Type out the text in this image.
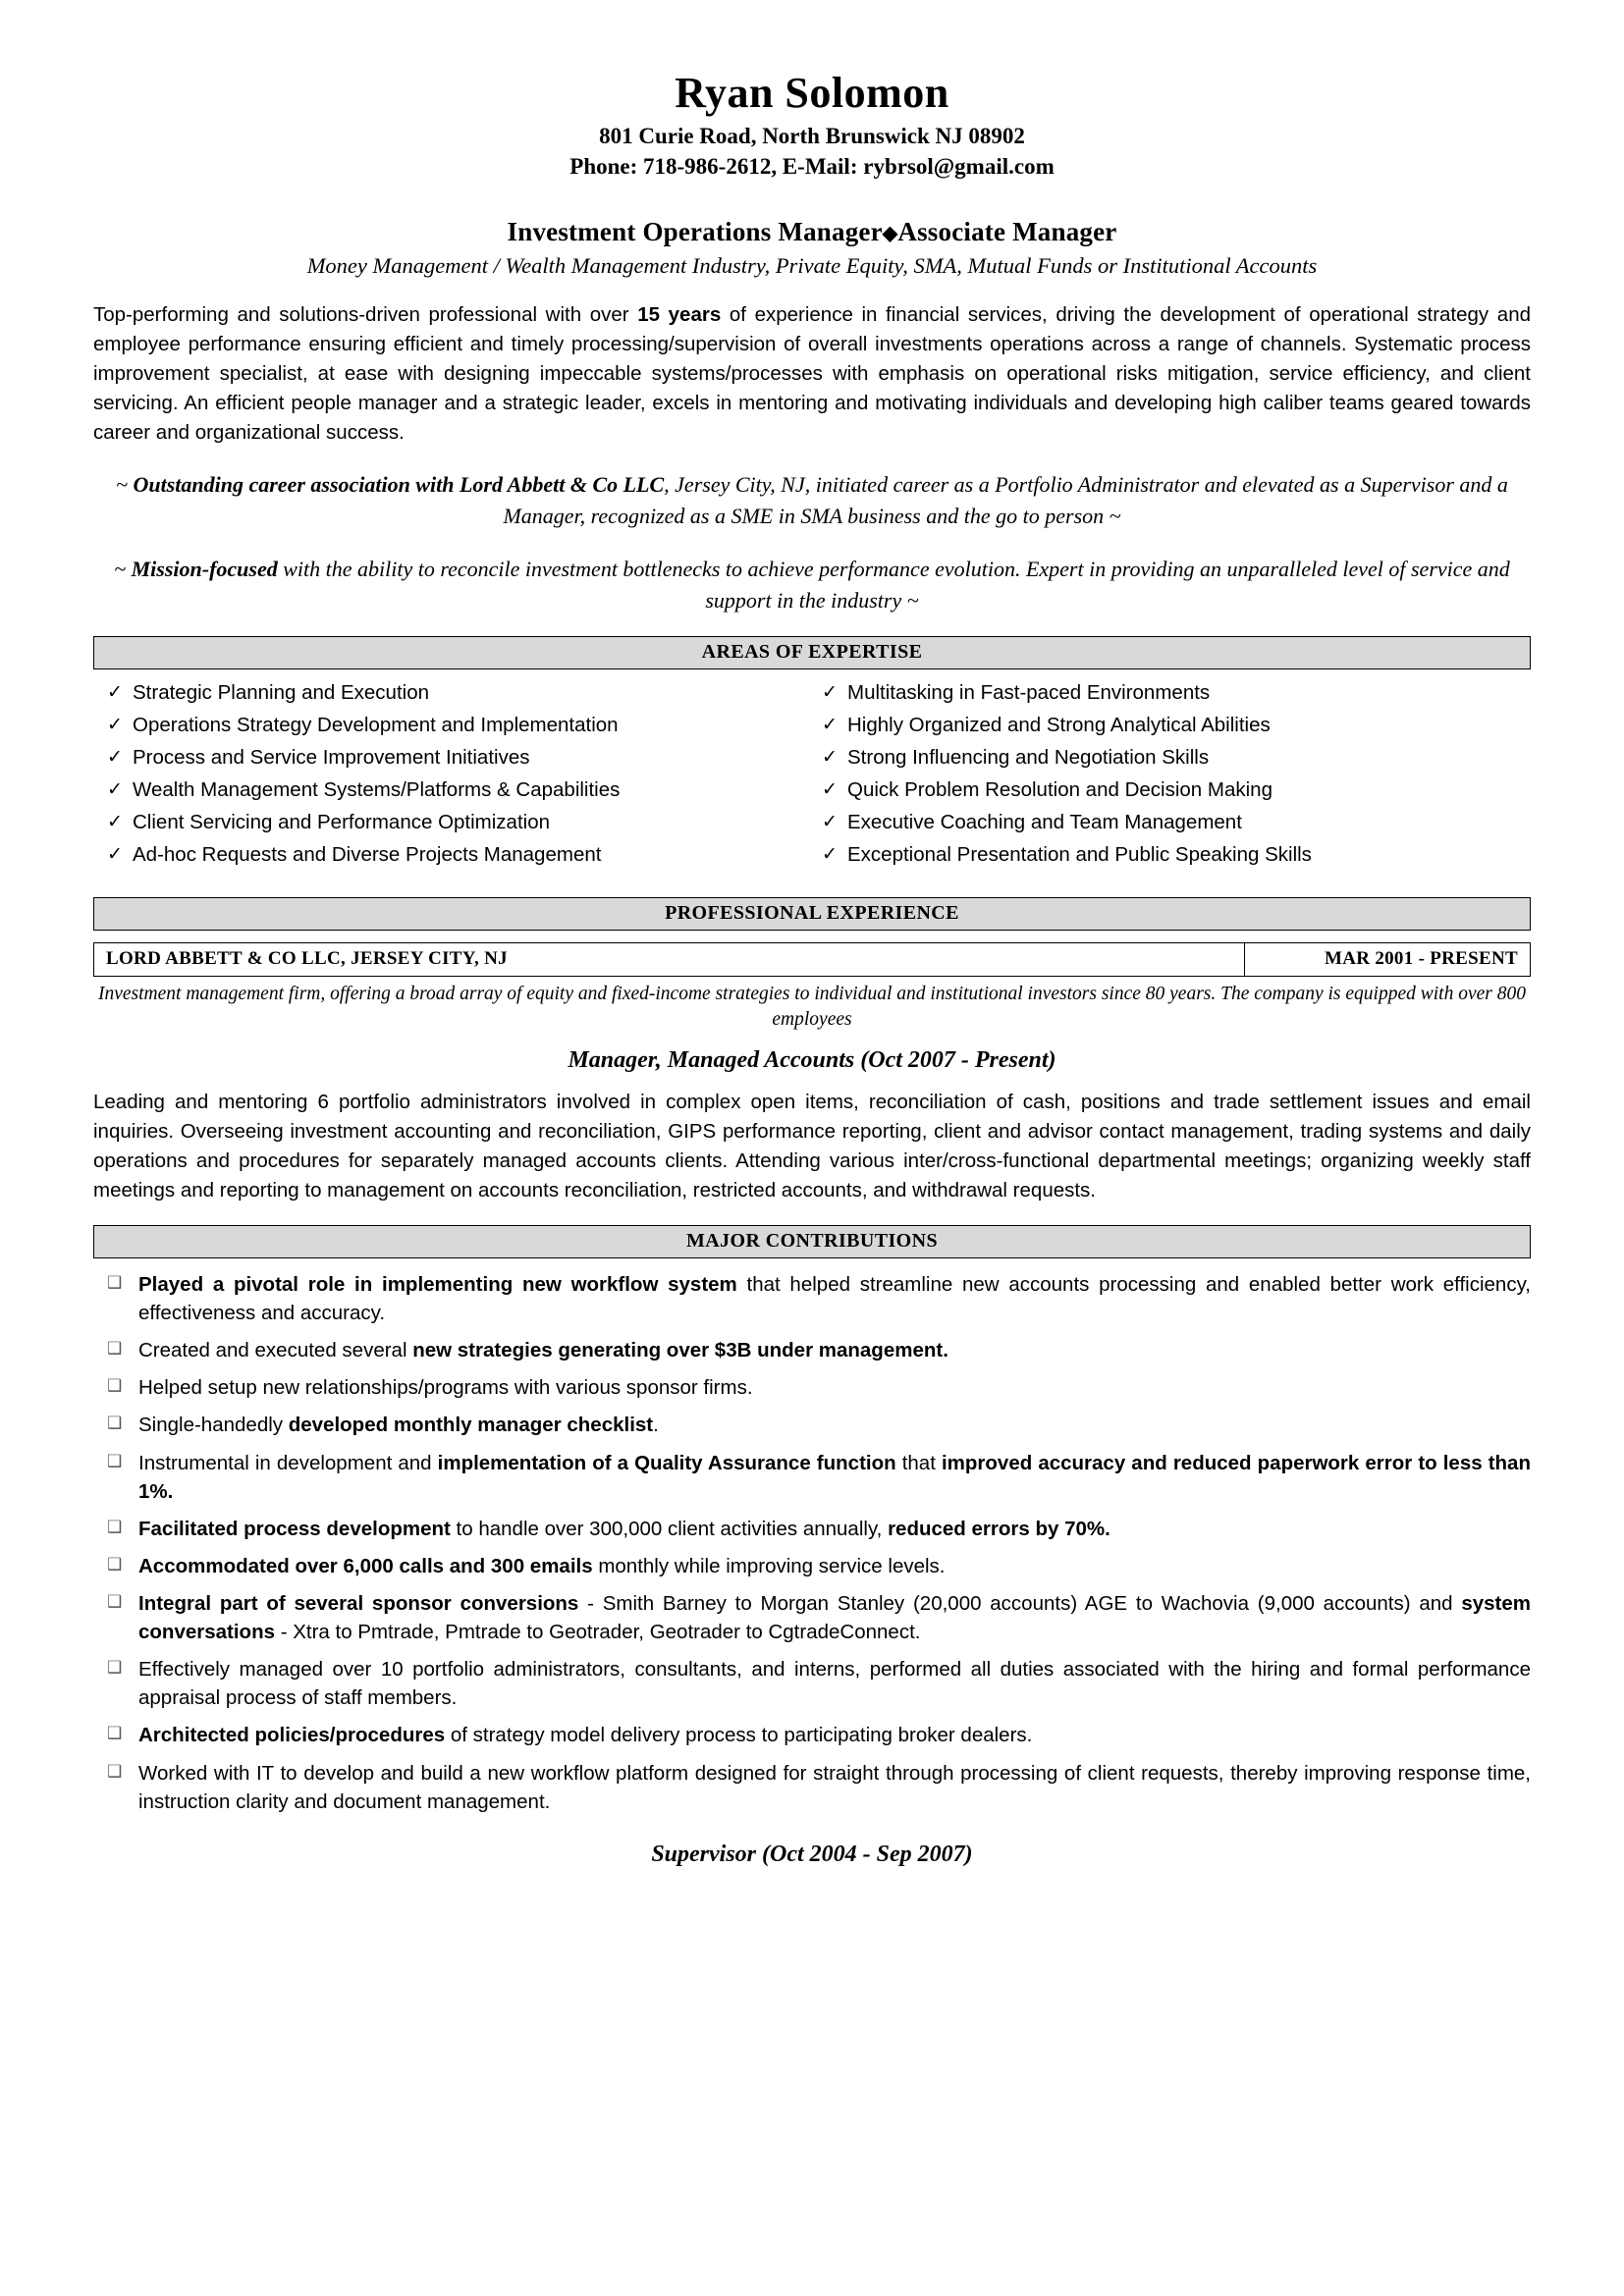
Ryan Solomon
801 Curie Road, North Brunswick NJ 08902
Phone: 718-986-2612, E-Mail: rybrsol@gmail.com
Investment Operations Manager◆Associate Manager
Money Management / Wealth Management Industry, Private Equity, SMA, Mutual Funds or Institutional Accounts
Top-performing and solutions-driven professional with over 15 years of experience in financial services, driving the development of operational strategy and employee performance ensuring efficient and timely processing/supervision of overall investments operations across a range of channels. Systematic process improvement specialist, at ease with designing impeccable systems/processes with emphasis on operational risks mitigation, service efficiency, and client servicing. An efficient people manager and a strategic leader, excels in mentoring and motivating individuals and developing high caliber teams geared towards career and organizational success.
~ Outstanding career association with Lord Abbett & Co LLC, Jersey City, NJ, initiated career as a Portfolio Administrator and elevated as a Supervisor and a Manager, recognized as a SME in SMA business and the go to person ~
~ Mission-focused with the ability to reconcile investment bottlenecks to achieve performance evolution. Expert in providing an unparalleled level of service and support in the industry ~
AREAS OF EXPERTISE
✓ Strategic Planning and Execution
✓ Operations Strategy Development and Implementation
✓ Process and Service Improvement Initiatives
✓ Wealth Management Systems/Platforms & Capabilities
✓ Client Servicing and Performance Optimization
✓ Ad-hoc Requests and Diverse Projects Management
✓ Multitasking in Fast-paced Environments
✓ Highly Organized and Strong Analytical Abilities
✓ Strong Influencing and Negotiation Skills
✓ Quick Problem Resolution and Decision Making
✓ Executive Coaching and Team Management
✓ Exceptional Presentation and Public Speaking Skills
PROFESSIONAL EXPERIENCE
LORD ABBETT & CO LLC, JERSEY CITY, NJ	MAR 2001 - PRESENT
Investment management firm, offering a broad array of equity and fixed-income strategies to individual and institutional investors since 80 years. The company is equipped with over 800 employees
Manager, Managed Accounts (Oct 2007 - Present)
Leading and mentoring 6 portfolio administrators involved in complex open items, reconciliation of cash, positions and trade settlement issues and email inquiries. Overseeing investment accounting and reconciliation, GIPS performance reporting, client and advisor contact management, trading systems and daily operations and procedures for separately managed accounts clients. Attending various inter/cross-functional departmental meetings; organizing weekly staff meetings and reporting to management on accounts reconciliation, restricted accounts, and withdrawal requests.
MAJOR CONTRIBUTIONS
❑ Played a pivotal role in implementing new workflow system that helped streamline new accounts processing and enabled better work efficiency, effectiveness and accuracy.
❑ Created and executed several new strategies generating over $3B under management.
❑ Helped setup new relationships/programs with various sponsor firms.
❑ Single-handedly developed monthly manager checklist.
❑ Instrumental in development and implementation of a Quality Assurance function that improved accuracy and reduced paperwork error to less than 1%.
❑ Facilitated process development to handle over 300,000 client activities annually, reduced errors by 70%.
❑ Accommodated over 6,000 calls and 300 emails monthly while improving service levels.
❑ Integral part of several sponsor conversions - Smith Barney to Morgan Stanley (20,000 accounts) AGE to Wachovia (9,000 accounts) and system conversations - Xtra to Pmtrade, Pmtrade to Geotrader, Geotrader to CgtradeConnect.
❑ Effectively managed over 10 portfolio administrators, consultants, and interns, performed all duties associated with the hiring and formal performance appraisal process of staff members.
❑ Architected policies/procedures of strategy model delivery process to participating broker dealers.
❑ Worked with IT to develop and build a new workflow platform designed for straight through processing of client requests, thereby improving response time, instruction clarity and document management.
Supervisor (Oct 2004 - Sep 2007)
